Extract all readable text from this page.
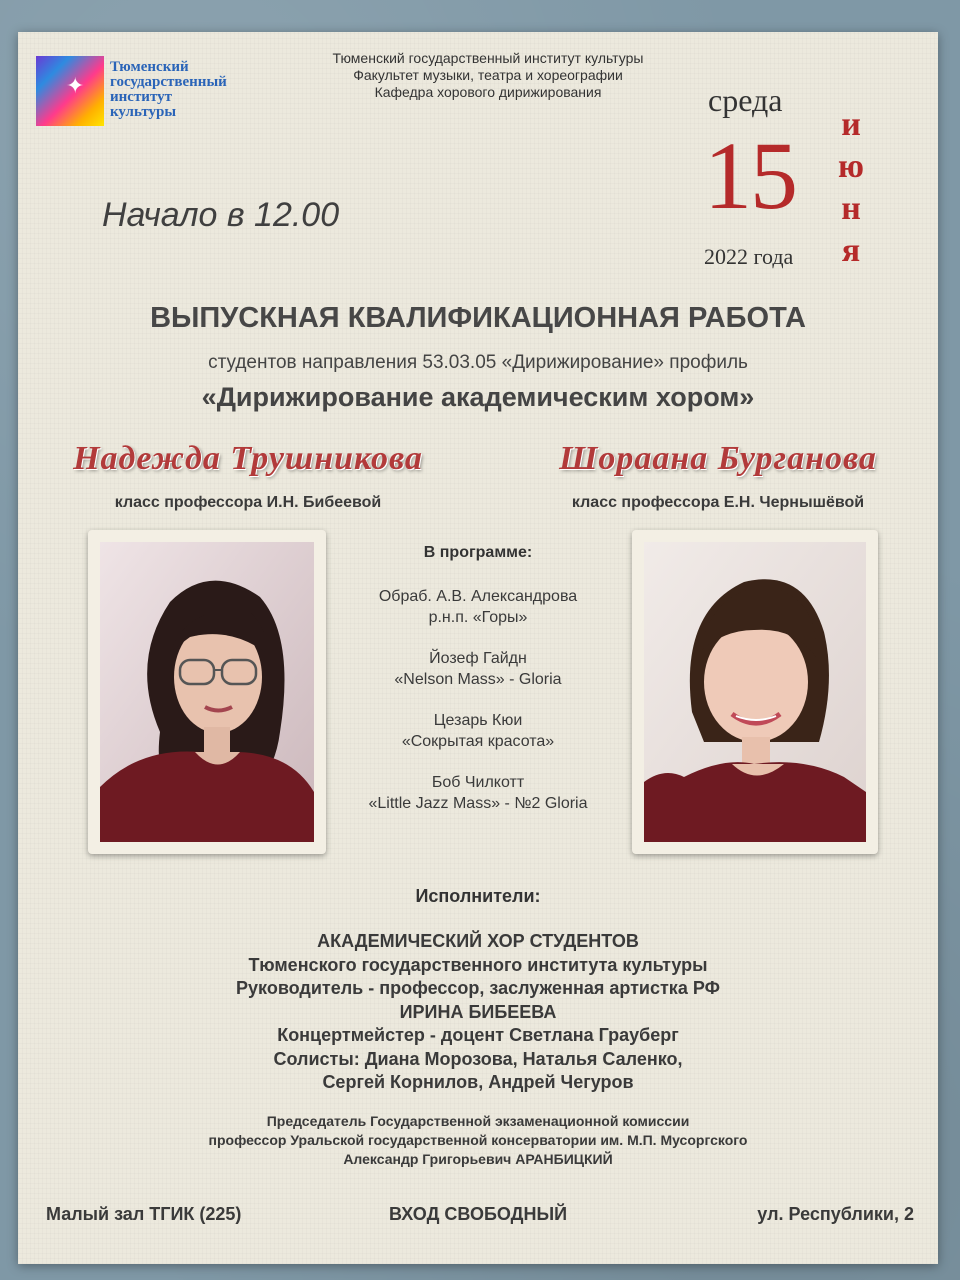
✦
Тюменский
государственный
институт
культуры
Тюменский государственный институт культуры
Факультет музыки, театра и хореографии
Кафедра хорового дирижирования	среда
15
2022 года
и
ю
н
я
Начало в 12.00
ВЫПУСКНАЯ КВАЛИФИКАЦИОННАЯ РАБОТА
студентов направления 53.03.05 «Дирижирование» профиль
«Дирижирование академическим хором»
Надежда Трушникова
класс профессора И.Н. Бибеевой
Шораана Бурганова
класс профессора Е.Н. Чернышёвой
В программе:
Обраб. А.В. Александрова
р.н.п. «Горы»
Йозеф Гайдн
«Nelson Mass» - Gloria
Цезарь Кюи
«Сокрытая красота»
Боб Чилкотт
«Little Jazz Mass» - №2 Gloria
Исполнители:
АКАДЕМИЧЕСКИЙ ХОР СТУДЕНТОВ
Тюменского государственного института культуры
Руководитель - профессор, заслуженная артистка РФ
ИРИНА БИБЕЕВА
Концертмейстер - доцент Светлана Грауберг
Солисты: Диана Морозова, Наталья Саленко,
Сергей Корнилов, Андрей Чегуров
Председатель Государственной экзаменационной комиссии
профессор Уральской государственной консерватории им. М.П. Мусоргского
Александр Григорьевич АРАНБИЦКИЙ
Малый зал ТГИК (225)	ВХОД СВОБОДНЫЙ	ул. Республики, 2
